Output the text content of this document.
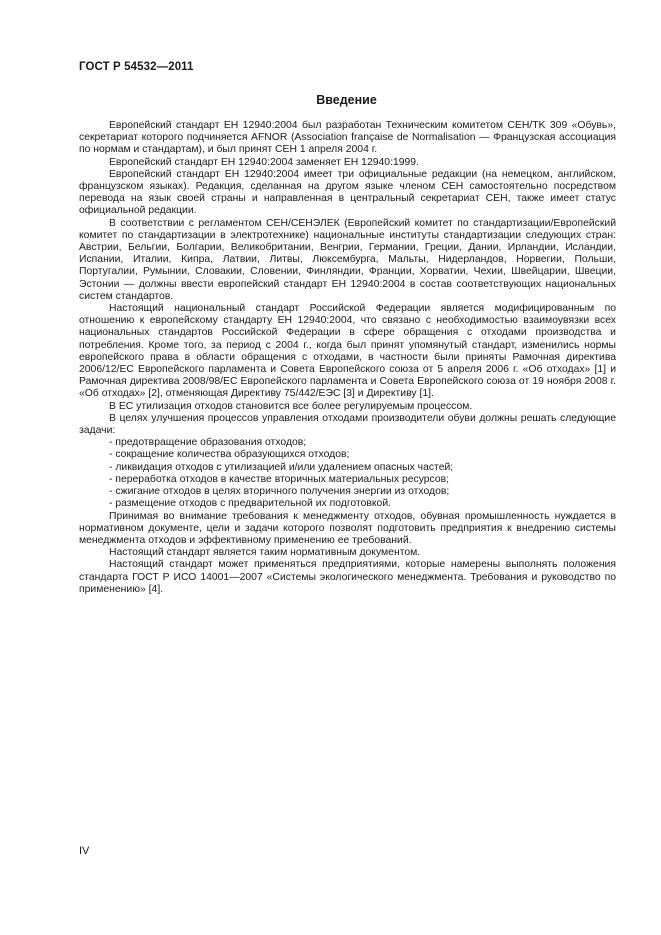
ГОСТ Р 54532—2011
Введение

Европейский стандарт ЕН 12940:2004 был разработан Техническим комитетом CEH/TK 309 «Обувь», секретариат которого подчиняется AFNOR (Association française de Normalisation — Французская ассоциация по нормам и стандартам), и был принят СЕН 1 апреля 2004 г.

Европейский стандарт ЕН 12940:2004 заменяет ЕН 12940:1999.

Европейский стандарт ЕН 12940:2004 имеет три официальные редакции (на немецком, английском, французском языках). Редакция, сделанная на другом языке членом СЕН самостоятельно посредством перевода на язык своей страны и направленная в центральный секретариат СЕН, также имеет статус официальной редакции.

В соответствии с регламентом СЕН/СЕНЭЛЕК (Европейский комитет по стандартизации/Европейский комитет по стандартизации в электротехнике) национальные институты стандартизации следующих стран: Австрии, Бельгии, Болгарии, Великобритании, Венгрии, Германии, Греции, Дании, Ирландии, Исландии, Испании, Италии, Кипра, Латвии, Литвы, Люксембурга, Мальты, Нидерландов, Норвегии, Польши, Португалии, Румынии, Словакии, Словении, Финляндии, Франции, Хорватии, Чехии, Швейцарии, Швеции, Эстонии — должны ввести европейский стандарт ЕН 12940:2004 в состав соответствующих национальных систем стандартов.

Настоящий национальный стандарт Российской Федерации является модифицированным по отношению к европейскому стандарту ЕН 12940:2004, что связано с необходимостью взаимоувязки всех национальных стандартов Российской Федерации в сфере обращения с отходами производства и потребления. Кроме того, за период с 2004 г., когда был принят упомянутый стандарт, изменились нормы европейского права в области обращения с отходами, в частности были приняты Рамочная директива 2006/12/ЕС Европейского парламента и Совета Европейского союза от 5 апреля 2006 г. «Об отходах» [1] и Рамочная директива 2008/98/ЕС Европейского парламента и Совета Европейского союза от 19 ноября 2008 г. «Об отходах» [2], отменяющая Директиву 75/442/ЕЭС [3] и Директиву [1].

В ЕС утилизация отходов становится все более регулируемым процессом.

В целях улучшения процессов управления отходами производители обуви должны решать следующие задачи:

- предотвращение образования отходов;

- сокращение количества образующихся отходов;

- ликвидация отходов с утилизацией и/или удалением опасных частей;

- переработка отходов в качестве вторичных материальных ресурсов;

- сжигание отходов в целях вторичного получения энергии из отходов;

- размещение отходов с предварительной их подготовкой.

Принимая во внимание требования к менеджменту отходов, обувная промышленность нуждается в нормативном документе, цели и задачи которого позволят подготовить предприятия к внедрению системы менеджмента отходов и эффективному применению ее требований.

Настоящий стандарт является таким нормативным документом.

Настоящий стандарт может применяться предприятиями, которые намерены выполнять положения стандарта ГОСТ Р ИСО 14001—2007 «Системы экологического менеджмента. Требования и руководство по применению» [4].

IV
